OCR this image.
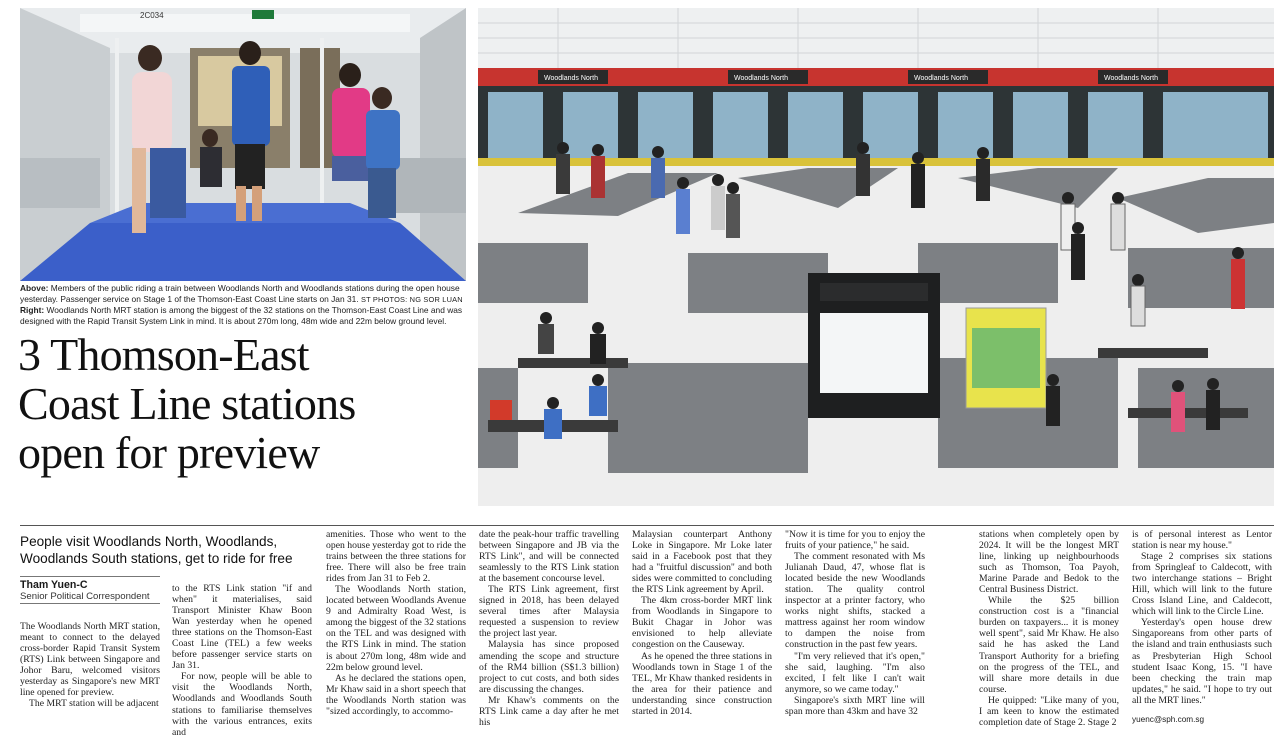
2C034
Woodlands North	Woodlands North	Woodlands North	Woodlands North
Above: Members of the public riding a train between Woodlands North and Woodlands stations during the open house yesterday. Passenger service on Stage 1 of the Thomson-East Coast Line starts on Jan 31. ST PHOTOS: NG SOR LUAN
Right: Woodlands North MRT station is among the biggest of the 32 stations on the Thomson-East Coast Line and was designed with the Rapid Transit System Link in mind. It is about 270m long, 48m wide and 22m below ground level.
3 Thomson-East
Coast Line stations
open for preview
People visit Woodlands North, Woodlands, Woodlands South stations, get to ride for free
Tham Yuen-C
Senior Political Correspondent

The Woodlands North MRT station, meant to connect to the delayed cross-border Rapid Transit System (RTS) Link between Singapore and Johor Baru, welcomed visitors yesterday as Singapore's new MRT line opened for preview.

The MRT station will be adjacent

to the RTS Link station "if and when" it materialises, said Transport Minister Khaw Boon Wan yesterday when he opened three stations on the Thomson-East Coast Line (TEL) a few weeks before passenger service starts on Jan 31.

For now, people will be able to visit the Woodlands North, Woodlands and Woodlands South stations to familiarise themselves with the various entrances, exits and

amenities. Those who went to the open house yesterday got to ride the trains between the three stations for free. There will also be free train rides from Jan 31 to Feb 2.

The Woodlands North station, located between Woodlands Avenue 9 and Admiralty Road West, is among the biggest of the 32 stations on the TEL and was designed with the RTS Link in mind. The station is about 270m long, 48m wide and 22m below ground level.

As he declared the stations open, Mr Khaw said in a short speech that the Woodlands North station was "sized accordingly, to accommo-

date the peak-hour traffic travelling between Singapore and JB via the RTS Link", and will be connected seamlessly to the RTS Link station at the basement concourse level.

The RTS Link agreement, first signed in 2018, has been delayed several times after Malaysia requested a suspension to review the project last year.

Malaysia has since proposed amending the scope and structure of the RM4 billion (S$1.3 billion) project to cut costs, and both sides are discussing the changes.

Mr Khaw's comments on the RTS Link came a day after he met his

Malaysian counterpart Anthony Loke in Singapore. Mr Loke later said in a Facebook post that they had a "fruitful discussion" and both sides were committed to concluding the RTS Link agreement by April.

The 4km cross-border MRT link from Woodlands in Singapore to Bukit Chagar in Johor was envisioned to help alleviate congestion on the Causeway.

As he opened the three stations in Woodlands town in Stage 1 of the TEL, Mr Khaw thanked residents in the area for their patience and understanding since construction started in 2014.

"Now it is time for you to enjoy the fruits of your patience," he said.

The comment resonated with Ms Julianah Daud, 47, whose flat is located beside the new Woodlands station. The quality control inspector at a printer factory, who works night shifts, stacked a mattress against her room window to dampen the noise from construction in the past few years.

"I'm very relieved that it's open," she said, laughing. "I'm also excited, I felt like I can't wait anymore, so we came today."

Singapore's sixth MRT line will span more than 43km and have 32

stations when completely open by 2024. It will be the longest MRT line, linking up neighbourhoods such as Thomson, Toa Payoh, Marine Parade and Bedok to the Central Business District.

While the $25 billion construction cost is a "financial burden on taxpayers... it is money well spent", said Mr Khaw. He also said he has asked the Land Transport Authority for a briefing on the progress of the TEL, and will share more details in due course.

He quipped: "Like many of you, I am keen to know the estimated completion date of Stage 2. Stage 2

is of personal interest as Lentor station is near my house."

Stage 2 comprises six stations from Springleaf to Caldecott, with two interchange stations – Bright Hill, which will link to the future Cross Island Line, and Caldecott, which will link to the Circle Line.

Yesterday's open house drew Singaporeans from other parts of the island and train enthusiasts such as Presbyterian High School student Isaac Kong, 15. "I have been checking the train map updates," he said. "I hope to try out all the MRT lines."

yuenc@sph.com.sg
